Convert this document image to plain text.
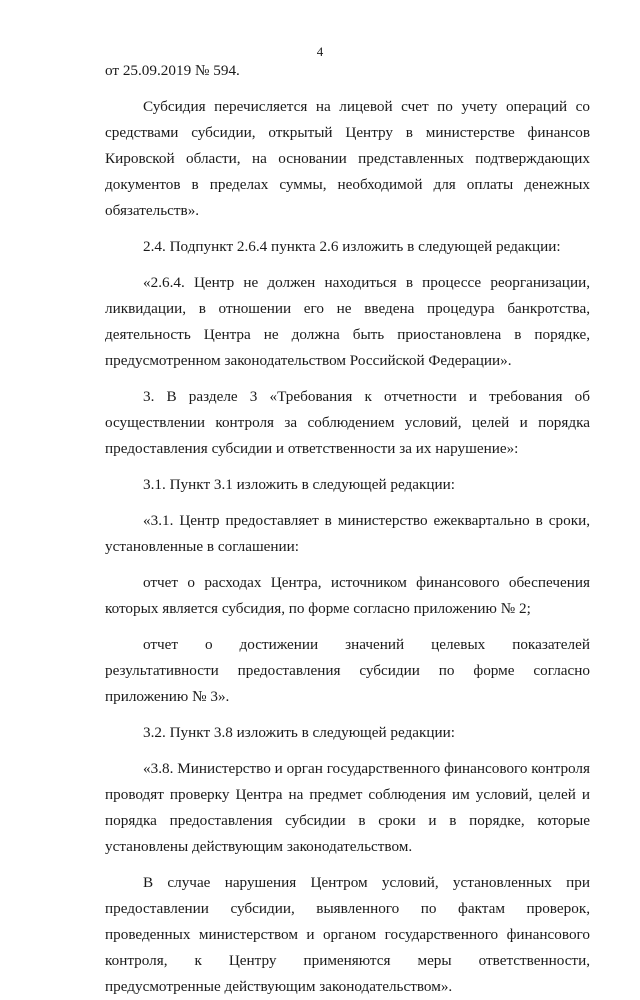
4

от 25.09.2019 № 594.

Субсидия перечисляется на лицевой счет по учету операций со средствами субсидии, открытый Центру в министерстве финансов Кировской области, на основании представленных подтверждающих документов в пределах суммы, необходимой для оплаты денежных обязательств».

2.4. Подпункт 2.6.4 пункта 2.6 изложить в следующей редакции:

«2.6.4. Центр не должен находиться в процессе реорганизации, ликвидации, в отношении его не введена процедура банкротства, деятельность Центра не должна быть приостановлена в порядке, предусмотренном законодательством Российской Федерации».

3. В разделе 3 «Требования к отчетности и требования об осуществлении контроля за соблюдением условий, целей и порядка предоставления субсидии и ответственности за их нарушение»:

3.1. Пункт 3.1 изложить в следующей редакции:

«3.1. Центр предоставляет в министерство ежеквартально в сроки, установленные в соглашении:

отчет о расходах Центра, источником финансового обеспечения которых является субсидия, по форме согласно приложению № 2;

отчет о достижении значений целевых показателей результативности предоставления субсидии по форме согласно приложению № 3».

3.2. Пункт 3.8 изложить в следующей редакции:

«3.8. Министерство и орган государственного финансового контроля проводят проверку Центра на предмет соблюдения им условий, целей и порядка предоставления субсидии в сроки и в порядке, которые установлены действующим законодательством.

В случае нарушения Центром условий, установленных при предоставлении субсидии, выявленного по фактам проверок, проведенных министерством и органом государственного финансового контроля, к Центру применяются меры ответственности, предусмотренные действующим законодательством».
